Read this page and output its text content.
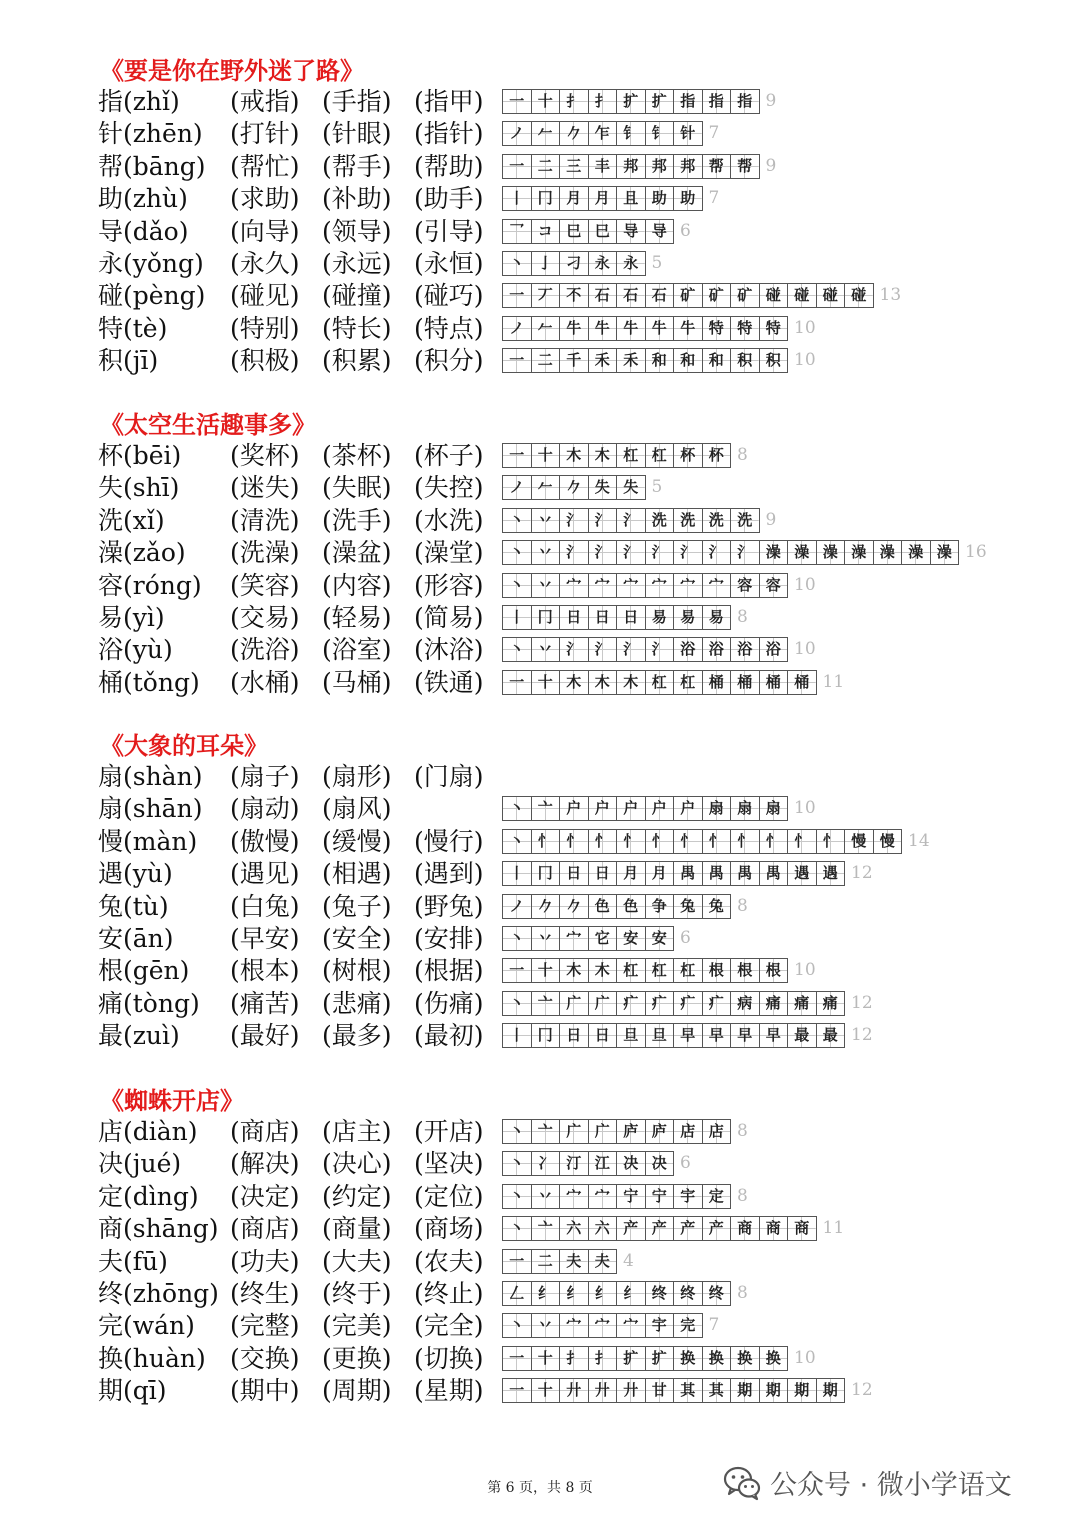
《要是你在野外迷了路》
指(zhǐ) (戒指) (手指) (指甲)	一 十 扌 扌 扩 扩 指 指 指 9
针(zhēn) (打针) (针眼) (指针)	ノ 𠂉 𠂊 乍 钅 钅 针 7
帮(bāng) (帮忙) (帮手) (帮助)	一 二 三 丰 邦 邦 邦 帮 帮 9
助(zhù) (求助) (补助) (助手)	丨 冂 月 月 且 助 助 7
导(dǎo) (向导) (领导) (引导)	乛 コ 巳 巳 导 导 6
永(yǒng) (永久) (永远) (永恒)	丶 亅 刁 永 永 5
碰(pèng) (碰见) (碰撞) (碰巧)	一 丆 不 石 石 石 矿 矿 矿 碰 碰 碰 碰 13
特(tè)	(特别) (特长) (特点)	ノ 𠂉 牛 牛 牛 牛 牛 特 特 特 10
积(jī)	(积极) (积累) (积分)	一 二 千 禾 禾 和 和 和 积 积 10
《太空生活趣事多》
杯(bēi) (奖杯) (茶杯) (杯子)	一 十 木 木 杠 杠 杯 杯 8
失(shī) (迷失) (失眠) (失控)	ノ 𠂉 𠂊 失 失 5
洗(xǐ)	(清洗) (洗手) (水洗)	丶 丷 氵 氵 氵 洗 洗 洗 洗 9
澡(zǎo) (洗澡) (澡盆) (澡堂)	丶 丷 氵 氵 氵 氵 氵 氵 氵 澡 澡 澡 澡 澡 澡 澡 16
容(róng) (笑容) (内容) (形容)	丶 丷 宀 宀 宀 宀 宀 宀 容 容 10
易(yì)	(交易) (轻易) (简易)	丨 冂 日 日 日 易 易 易 8
浴(yù) (洗浴) (浴室) (沐浴)	丶 丷 氵 氵 氵 氵 浴 浴 浴 浴 10
桶(tǒng) (水桶) (马桶) (铁通)	一 十 木 木 木 杠 杠 桶 桶 桶 桶 11
《大象的耳朵》
扇(shàn) (扇子) (扇形) (门扇)
扇(shān) (扇动) (扇风)	丶 亠 户 户 户 户 户 扇 扇 扇 10
慢(màn) (傲慢) (缓慢) (慢行)	丶 忄 忄 忄 忄 忄 忄 忄 忄 忄 忄 忄 慢 慢 14
遇(yù) (遇见) (相遇) (遇到)	丨 冂 日 日 月 月 禺 禺 禺 禺 遇 遇 12
兔(tù) (白兔) (兔子) (野兔)	ノ 𠂊 𠂊 色 色 争 兔 兔 8
安(ān) (早安) (安全) (安排)	丶 丷 宀 它 安 安 6
根(gēn) (根本) (树根) (根据)	一 十 木 木 杠 杠 杠 根 根 根 10
痛(tòng) (痛苦) (悲痛) (伤痛)	丶 亠 广 广 疒 疒 疒 疒 病 痛 痛 痛 12
最(zuì) (最好) (最多) (最初)	丨 冂 日 日 旦 旦 早 早 早 早 最 最 12
《蜘蛛开店》
店(diàn) (商店) (店主) (开店)	丶 亠 广 广 庐 庐 店 店 8
决(jué) (解决) (决心) (坚决)	丶 冫 汀 江 决 决 6
定(dìng) (决定) (约定) (定位)	丶 丷 宀 宀 宁 宁 宇 定 8
商(shāng) (商店) (商量) (商场)	丶 亠 六 六 产 产 产 产 商 商 商 11
夫(fū) (功夫) (大夫) (农夫)	一 二 夫 夫 4
终(zhōng) (终生) (终于) (终止)	𠃋 纟 纟 纟 纟 终 终 终 8
完(wán) (完整) (完美) (完全)	丶 丷 宀 宀 宀 宇 完 7
换(huàn) (交换) (更换) (切换)	一 十 扌 扌 扩 扩 换 换 换 换 10
期(qī)	(期中) (周期) (星期)	一 十 廾 廾 廾 甘 其 其 期 期 期 期 12
第 6 页，共 8 页	公众号 · 微小学语文
